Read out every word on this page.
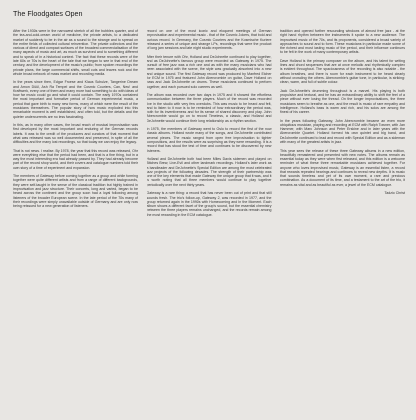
The Floodgates Open

After the 1930s were in the narrowest stretch of all the bubbles quarter, and of the tea-and-cold-cream world of medicine, the private artists, to a dedicated market of suddenly to be in the air as a sound to the strange and to spread on the entire fields of collected cultural reinvention. The private collectors and the various of direct and compact surfaces of the broadest commercialisation of the many aspects of music and art, as much as survived and to something different and to speak of in a historical context. The fact that these records were of the late 60s or 70s is the heart of the tale that we began to see in that end of the century, and the development of the music's public; from spoken recordings the private plans, the large commercial shifts, small cuts and leaves rock and the whole broad network of mass market and recording media.

In the years since then, Edgar Froese and Klaus Schulze, Tangerine Dream and Amon Düül, Ash Ra Tempel and the Cosmic Couriers, Can, Neu! and Kraftwerk, every one of them and many more had something to do with ideas of how far music could go and what it could contain. The early 1970s contained the most important and formative period of German experimental music, a period that gave birth to many new forms, many of which were the result of the musicians themselves. The popular story of how music exploded into this remarkable moment is well established, and often told, but the details and the quieter undercurrents are no less fascinating.

In this, as in many other cases, the broad reach of musical improvisation was first developed by the most important and enduring of the German records labels. It was to the credit of the producers and curators of that moment that what was released was so well documented and preserved, in spite of all the difficulties and the many lost recordings, so that today we can enjoy the legacy.

That is not news. I realise. By 1978, the year that this record was released, Ohr were everything else that the period had been, and that is a fine thing, but in a way the most interesting era had already passed by. They had already become part of the record shop world, and their covers and catalogue numbers told their own story of a time of experiment and expansion.

The members of Gateway before coming together as a group and while forming together were quite different artists and from a range of different backgrounds, they were self-taught in the sense of the classical tradition but highly trained in improvisation and jazz structure. Their concerts, long and varied, began to be heard across the continent and the group soon had a loyal following among listeners of the broader European scene. In the late period of the 70s many of their recordings were simply unavailable outside of Germany and are only now being reissued for a new generation of listeners.

record on one of the most iconic and eloquent meetings of German improvisation and experimental music - that of the Cosmic Jokers, that bold and curious record. In Germany, the Cosmic Couriers and the Kosmische Kuriere released a series of unique and strange LPs, recordings that were the product of long jam sessions and late night studio experiments.

After their tenure with Ohr, Holland and DeJohnette continued to play together, and as DeJohnette's famous group were recorded as Gateway in 1975. The pursuit of free jazz was a rich one and as with the many musicians who had been associated with the scene, the style was gradually absorbed into a new and unique sound. The first Gateway record was produced by Manfred Eicher for ECM in 1975 and featured John Abercrombie on guitar, Dave Holland on bass and Jack DeJohnette on drums. These musicians continued to perform together, and each pursued solo careers as well.

The album was recorded over two days in 1975 and it showed the effortless communication between the three players. Much of the record was recorded live in the studio with very few overdubs. This was music to be heard and felt, and to listen to it now is to be reminded of how extraordinary the period was, both for its inventiveness and for its sense of shared discovery and play. John Abercrombie would go on to record Timeless, a classic, and Holland and DeJohnette would continue their long relationship as a rhythm section.

In 1975, the members of Gateway went to Oslo to record the first of the now classic albums. Holland wrote many of the songs, and DeJohnette contributed several pieces. The music ranged from open free improvisation to tighter compositions, and the results were as surprising as they were rewarding. It is a record that has stood the test of time and continues to be discovered by new listeners.

Holland and DeJohnette both had been Miles Davis sidemen and played on Bitches Brew, Live-Evil and other landmark recordings. Holland's later work as a bandleader and DeJohnette's Special Edition are among the most celebrated jazz projects of the following decades. The strength of their partnership was one of the key elements that made Gateway the unique group that it was, and it is worth noting that all three members would continue to play together periodically over the next thirty years.

Gateway is a rare thing: a record that has never been out of print and that still sounds fresh. The trio's follow-up, Gateway 2, was recorded in 1977, and the group returned again in the 1990s with Homecoming and In the Moment. Each album shows a different facet of the group's sound, but the essential chemistry between the three players remains unchanged, and the records remain among the most rewarding in the ECM catalogue.

tradition and opened further resounding windows of almost free jazz - at the right hand rhythm between the instruments it spoke to a new audience. The improvised music of the 70s, and its proponents, considered a broad variety of approaches to sound and to form. These musicians in particular made some of the richest and most lasting music of the period, and their influence continues to be felt in the work of many contemporary artists.

Dave Holland is the primary composer on the album, and his talent for writing lines and chord sequences that are at once melodic and rhythmically complex is evident throughout. The spaciousness of the recording is also notable - the album breathes, and there is room for each instrument to be heard clearly without crowding the others. Abercrombie's guitar tone, in particular, is striking: clean, warm, and full of subtle colour.

Jack DeJohnette's drumming throughout is a marvel. His playing is both propulsive and textural, and he has an extraordinary ability to shift the feel of a piece without ever losing the thread. On the longer improvisations, the three musicians seem to breathe as one, and the result is music of rare empathy and intelligence. Holland's bass is warm and rich, and his solos are among the finest of his career.

In the years following Gateway, John Abercrombie became an even more ubiquitous musician, playing and recording at ECM with Ralph Towner, with Jan Hammer, with Marc Johnson and Peter Erskine and in later years with the Abercrombie Quartet. Holland formed his own quintet and big band, and DeJohnette continued to lead and record with Special Edition and as a sideman with many of the greatest artists in jazz.

This year sees the release of these three Gateway albums in a new edition, beautifully remastered and presented with new notes. The albums remain as essential today as they were when first released, and this edition is a welcome reminder of what these three remarkable musicians achieved together. For anyone who loves improvised music, Gateway is an essential listen, a record that rewards repeated hearings and continues to reveal new depths. It is music that sounds timeless and yet of its own moment, a rare and precious combination. As a document of its time, and a testament to the art of the trio, it remains as vital and as beautiful as ever, a jewel of the ECM catalogue.

Tadzio Christ
